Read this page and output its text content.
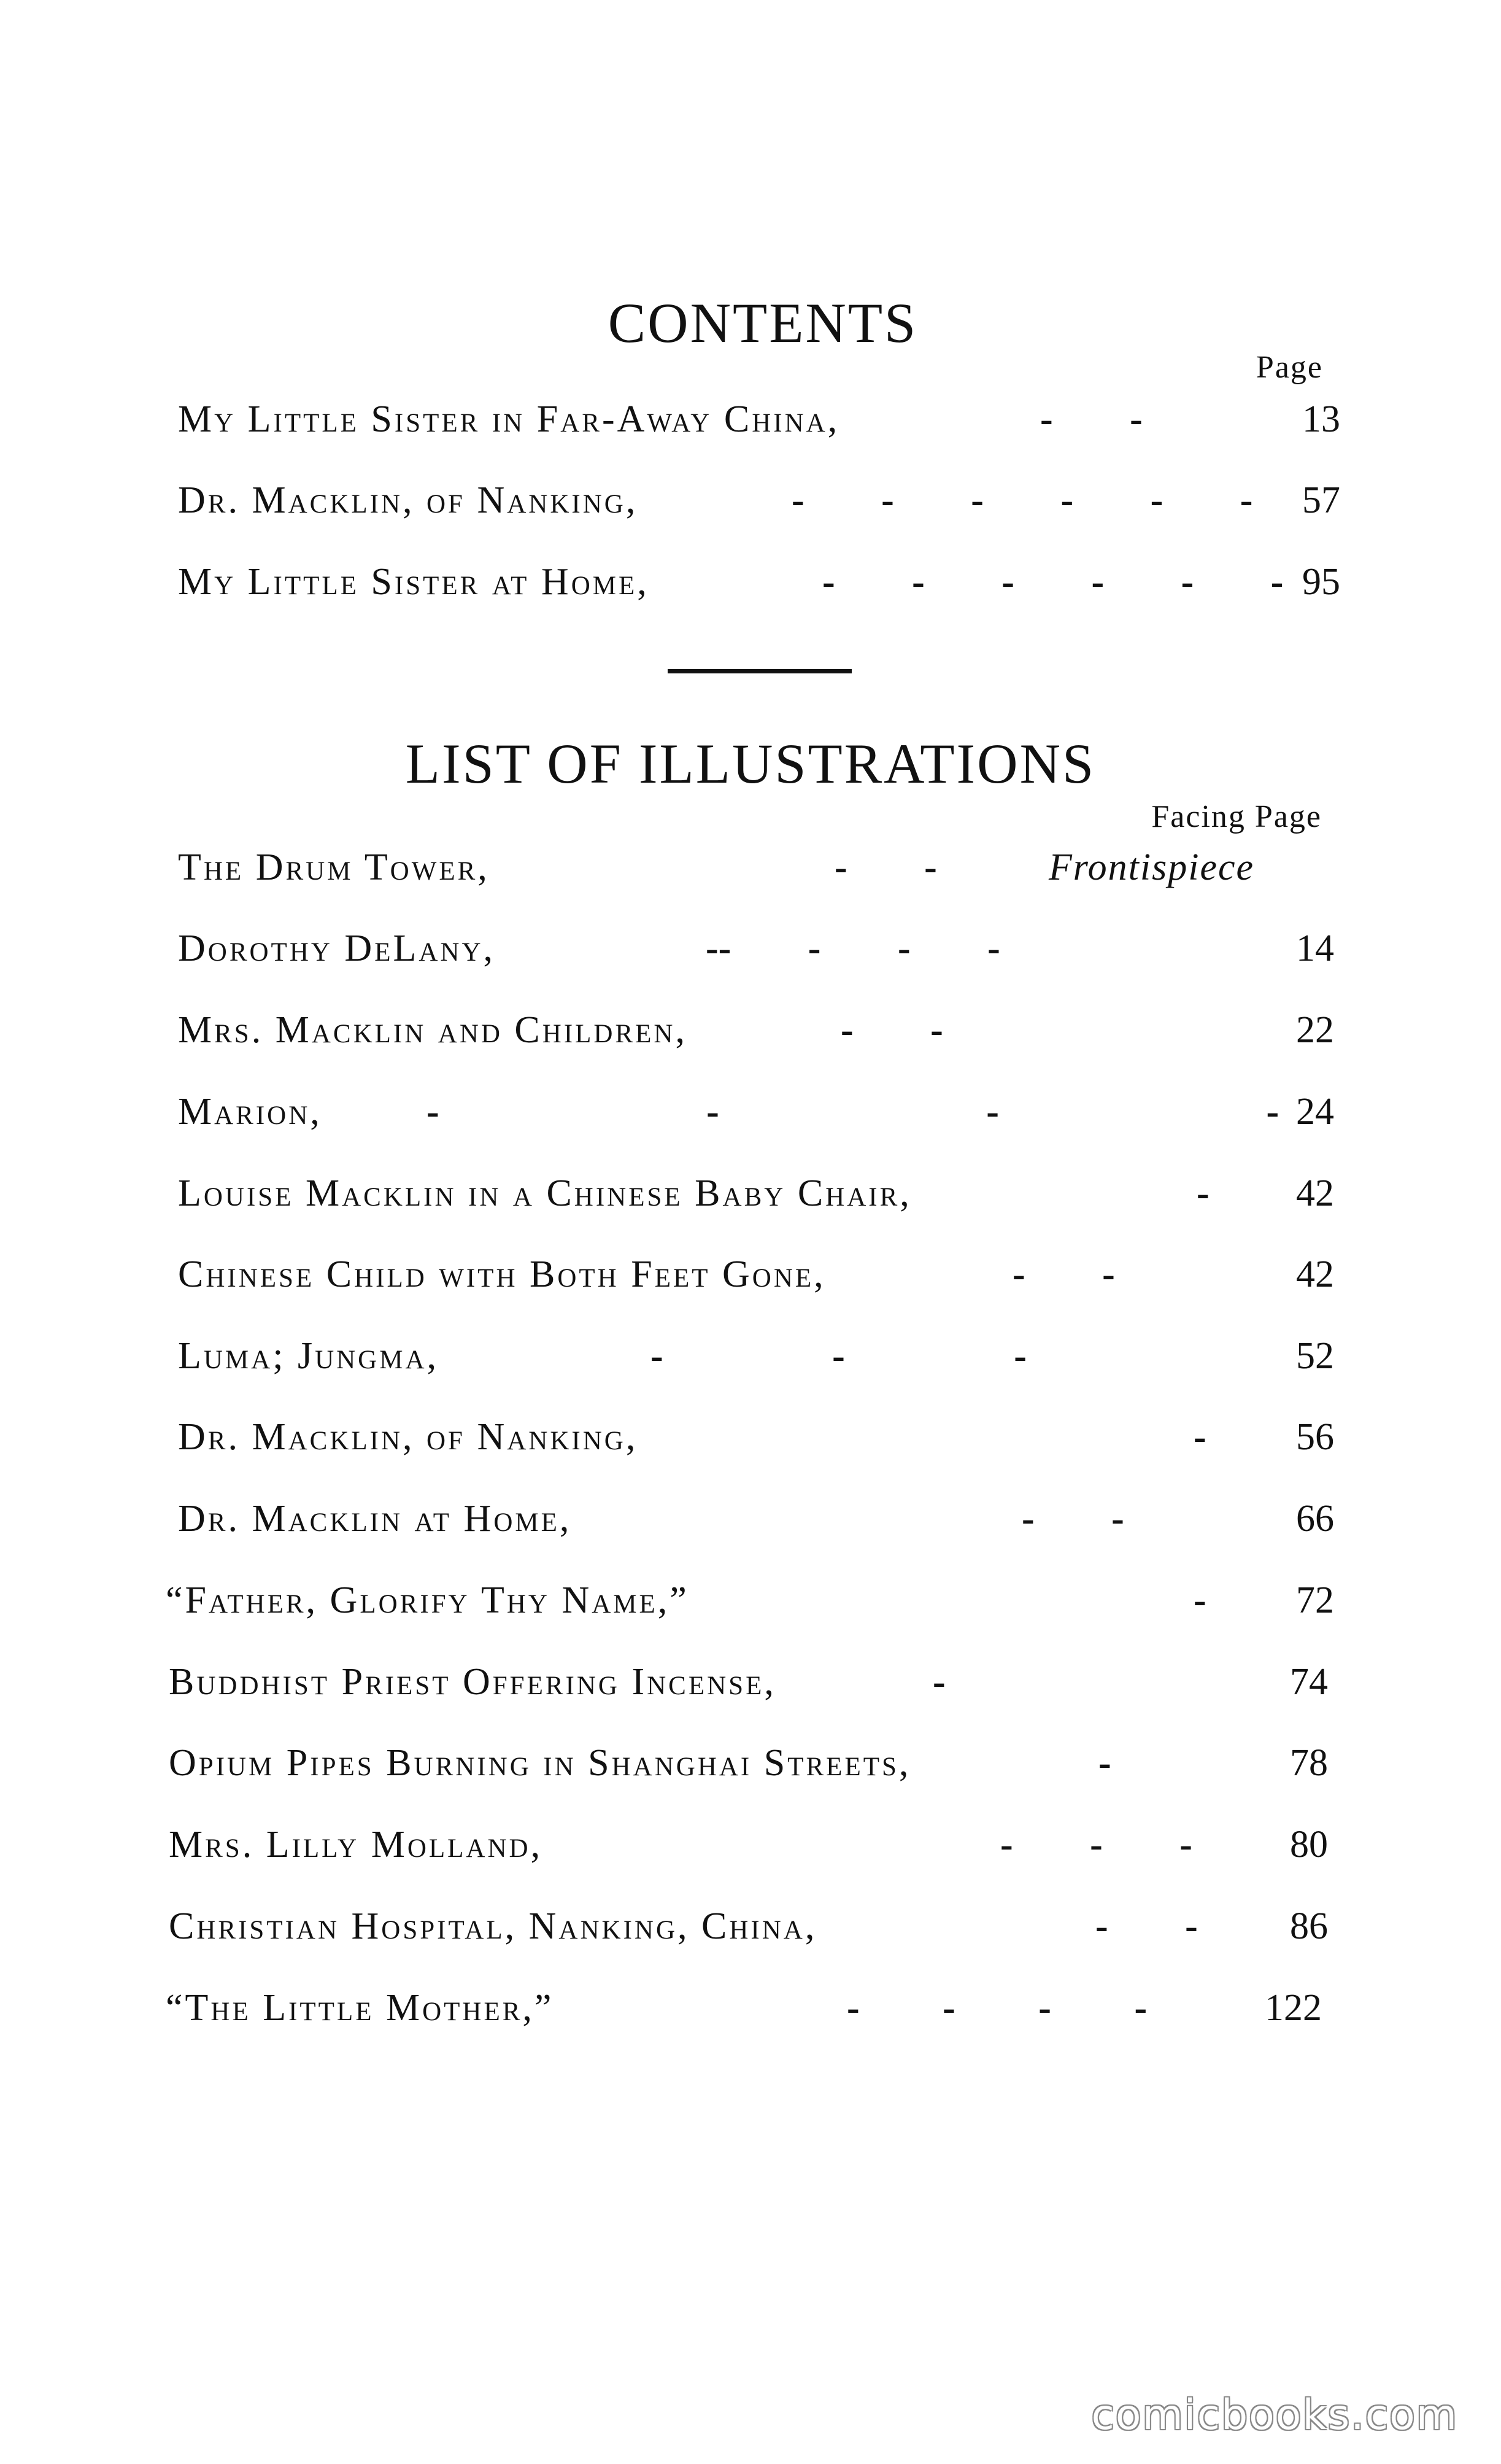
CONTENTS
Page
My Little Sister in Far-Away China,	- -	13
Dr. Macklin, of Nanking,	- - - - - - 57
My Little Sister at Home,	- - - - - - 95
LIST OF ILLUSTRATIONS
Facing Page
The Drum Tower,	- -	Frontispiece
Dorothy DeLany,	-- - - -	14
Mrs. Macklin and Children,	- -	22
Marion,	- - - - 24
Louise Macklin in a Chinese Baby Chair,	- 42
Chinese Child with Both Feet Gone,	- -	42
Luma; Jungma,	- - -	52
Dr. Macklin, of Nanking,	- 56
Dr. Macklin at Home,	- -	66
“Father, Glorify Thy Name,”	- 72
Buddhist Priest Offering Incense,	-	74
Opium Pipes Burning in Shanghai Streets,	-	78
Mrs. Lilly Molland,	- - -	80
Christian Hospital, Nanking, China,	- - 86
“The Little Mother,”	- - - -	122
comicbooks.com
